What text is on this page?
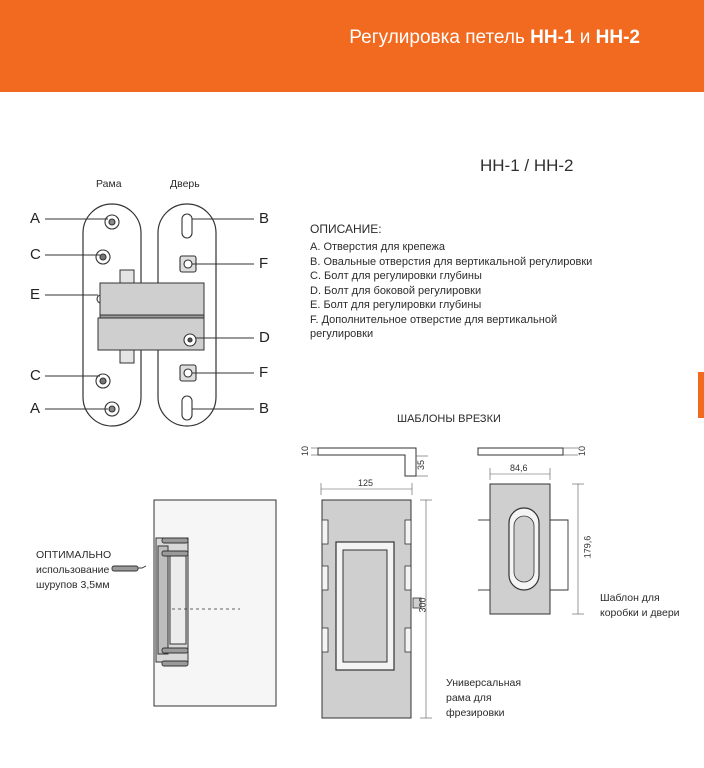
Регулировка петель HH-1 и HH-2
HH-1 / HH-2
ОПИСАНИЕ:
A. Отверстия для крепежа
B. Овальные отверстия для вертикальной регулировки
C. Болт для регулировки глубины
D. Болт для боковой регулировки
E. Болт для регулировки глубины
F. Дополнительное отверстие для вертикальной
регулировки
Рама	Дверь
A
C
E
C
A
B
F
D
F
B
ШАБЛОНЫ ВРЕЗКИ
10
35
125
300
10
84,6
179,6
Универсальная
рама для
фрезировки
Шаблон для
коробки и двери
ОПТИМАЛЬНО
использование
шурупов 3,5мм
